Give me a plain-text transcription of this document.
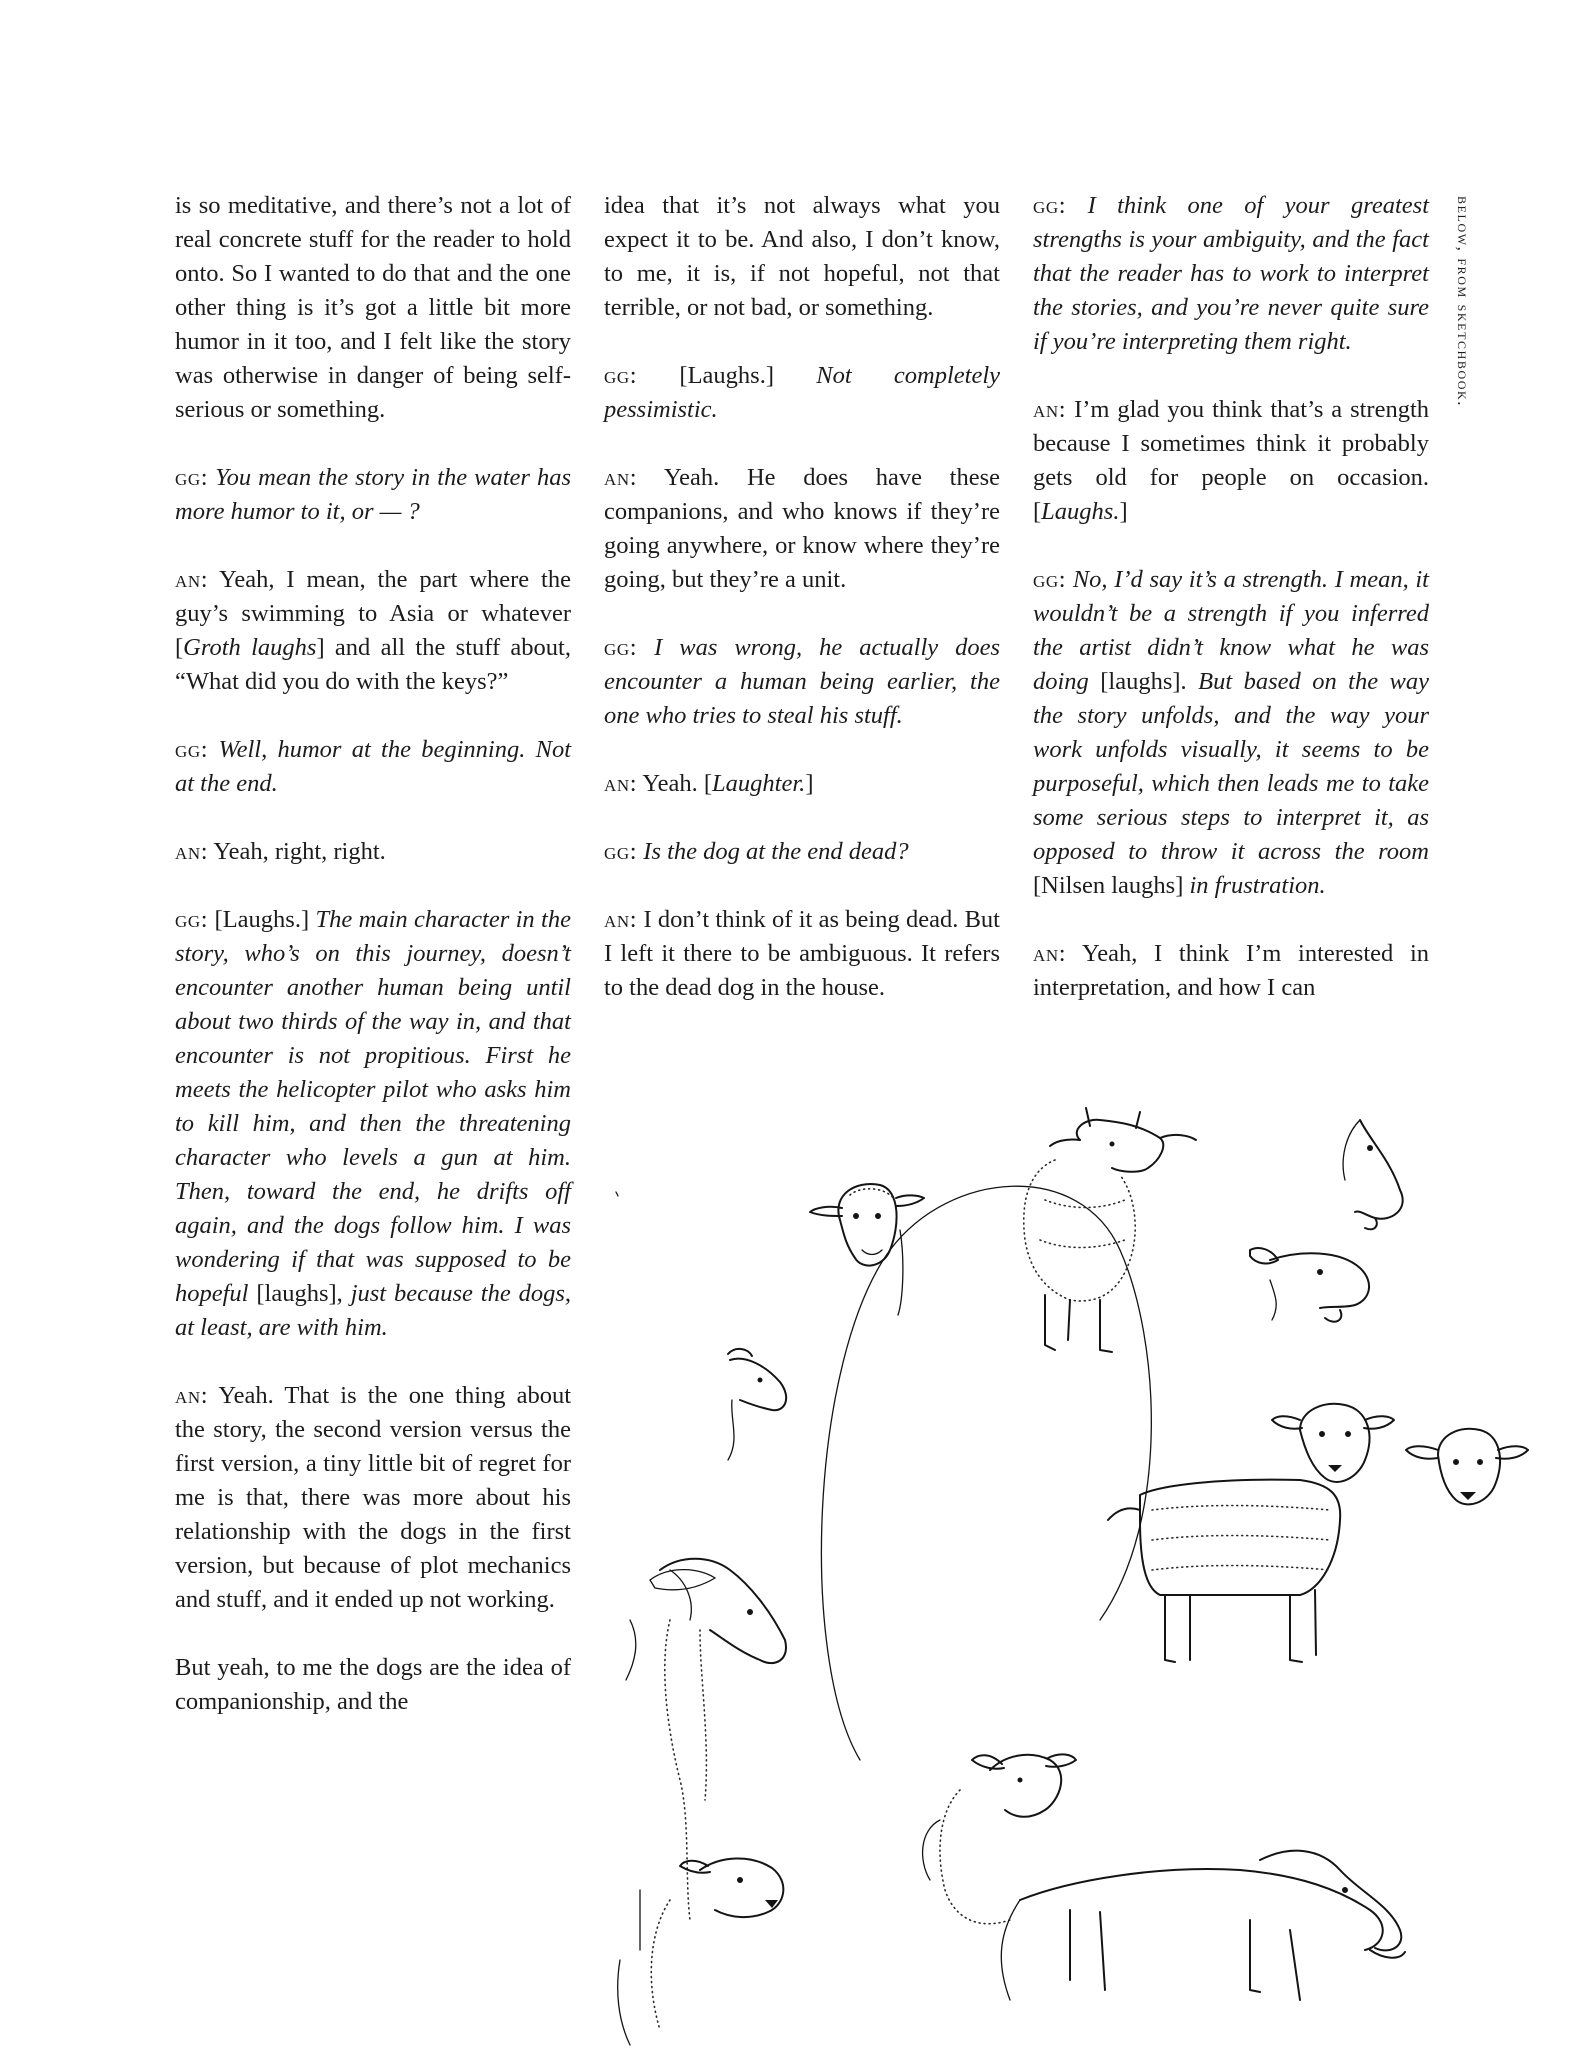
is so meditative, and there’s not a lot of real concrete stuff for the reader to hold onto. So I wanted to do that and the one other thing is it’s got a little bit more humor in it too, and I felt like the story was otherwise in danger of being self-serious or something.

gg: You mean the story in the water has more humor to it, or — ?

an: Yeah, I mean, the part where the guy’s swimming to Asia or whatever [Groth laughs] and all the stuff about, “What did you do with the keys?”

gg: Well, humor at the beginning. Not at the end.

an: Yeah, right, right.

gg: [Laughs.] The main character in the story, who’s on this journey, doesn’t encounter another human being until about two thirds of the way in, and that encounter is not propitious. First he meets the helicopter pilot who asks him to kill him, and then the threatening character who levels a gun at him. Then, toward the end, he drifts off again, and the dogs follow him. I was wondering if that was supposed to be hopeful [laughs], just because the dogs, at least, are with him.

an: Yeah. That is the one thing about the story, the second version versus the first version, a tiny little bit of regret for me is that, there was more about his relationship with the dogs in the first version, but because of plot mechanics and stuff, and it ended up not working.

But yeah, to me the dogs are the idea of companionship, and the

idea that it’s not always what you expect it to be. And also, I don’t know, to me, it is, if not hopeful, not that terrible, or not bad, or something.

gg: [Laughs.] Not completely pessimistic.

an: Yeah. He does have these companions, and who knows if they’re going anywhere, or know where they’re going, but they’re a unit.

gg: I was wrong, he actually does encounter a human being earlier, the one who tries to steal his stuff.

an: Yeah. [Laughter.]

gg: Is the dog at the end dead?

an: I don’t think of it as being dead. But I left it there to be ambiguous. It refers to the dead dog in the house.

gg: I think one of your greatest strengths is your ambiguity, and the fact that the reader has to work to interpret the stories, and you’re never quite sure if you’re interpreting them right.

an: I’m glad you think that’s a strength because I sometimes think it probably gets old for people on occasion. [Laughs.]

gg: No, I’d say it’s a strength. I mean, it wouldn’t be a strength if you inferred the artist didn’t know what he was doing [laughs]. But based on the way the story unfolds, and the way your work unfolds visually, it seems to be purposeful, which then leads me to take some serious steps to interpret it, as opposed to throw it across the room [Nilsen laughs] in frustration.

an: Yeah, I think I’m interested in interpretation, and how I can

below, from sketchbook.
